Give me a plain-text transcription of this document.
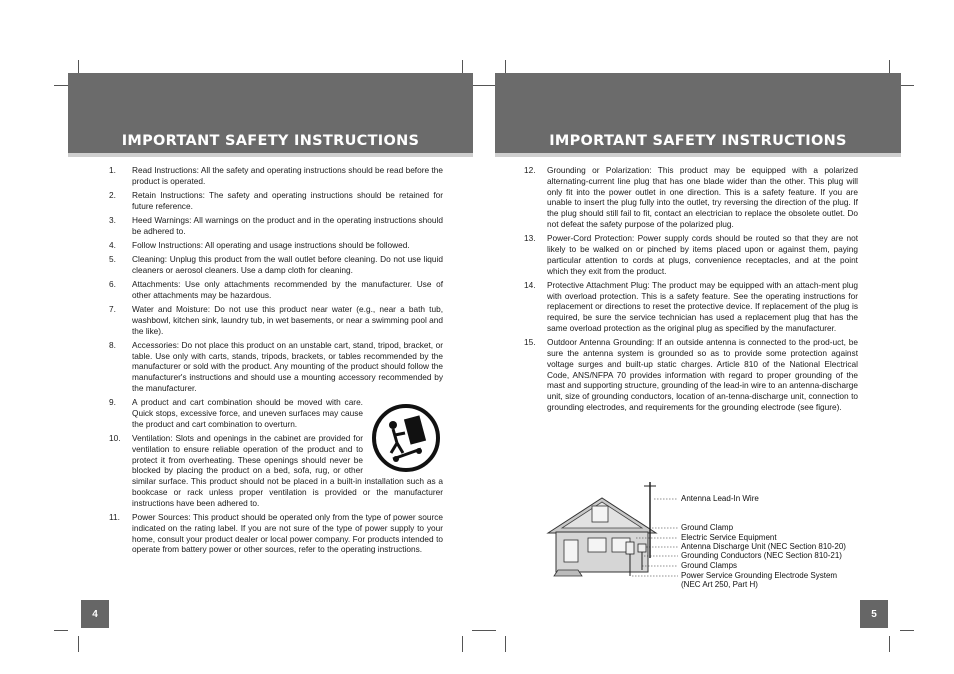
IMPORTANT SAFETY INSTRUCTIONS
1. Read Instructions: All the safety and operating instructions should be read before the product is operated.
2. Retain Instructions: The safety and operating instructions should be retained for future reference.
3. Heed Warnings: All warnings on the product and in the operating instructions should be adhered to.
4. Follow Instructions: All operating and usage instructions should be followed.
5. Cleaning: Unplug this product from the wall outlet before cleaning. Do not use liquid cleaners or aerosol cleaners. Use a damp cloth for cleaning.
6. Attachments: Use only attachments recommended by the manufacturer. Use of other attachments may be hazardous.
7. Water and Moisture: Do not use this product near water (e.g., near a bath tub, washbowl, kitchen sink, laundry tub, in wet basements, or near a swimming pool and the like).
8. Accessories: Do not place this product on an unstable cart, stand, tripod, bracket, or table. Use only with carts, stands, tripods, brackets, or tables recommended by the manufacturer or sold with the product. Any mounting of the product should follow the manufacturer's instructions and should use a mounting accessory recommended by the manufacturer.
9. A product and cart combination should be moved with care. Quick stops, excessive force, and uneven surfaces may cause the product and cart combination to overturn.
10. Ventilation: Slots and openings in the cabinet are provided for ventilation to ensure reliable operation of the product and to protect it from overheating. These openings should never be blocked by placing the product on a bed, sofa, rug, or other similar surface. This product should not be placed in a built-in installation such as a bookcase or rack unless proper ventilation is provided or the manufacturer instructions have been adhered to.
11. Power Sources: This product should be operated only from the type of power source indicated on the rating label. If you are not sure of the type of power supply to your home, consult your product dealer or local power company. For products intended to operate from battery power or other sources, refer to the operating instructions.
4
IMPORTANT SAFETY INSTRUCTIONS
12. Grounding or Polarization: This product may be equipped with a polarized alternating-current line plug that has one blade wider than the other. This plug will only fit into the power outlet in one direction. This is a safety feature. If you are unable to insert the plug fully into the outlet, try reversing the direction of the plug. If the plug should still fail to fit, contact an electrician to replace the obsolete outlet. Do not defeat the safety purpose of the polarized plug.
13. Power-Cord Protection: Power supply cords should be routed so that they are not likely to be walked on or pinched by items placed upon or against them, paying particular attention to cords at plugs, convenience receptacles, and at the point which they exit from the product.
14. Protective Attachment Plug: The product may be equipped with an attach-ment plug with overload protection. This is a safety feature. See the operating instructions for replacement or directions to reset the protective device. If replacement of the plug is required, be sure the service technician has used a replacement plug that has the same overload protection as the original plug as specified by the manufacturer.
15. Outdoor Antenna Grounding: If an outside antenna is connected to the prod-uct, be sure the antenna system is grounded so as to provide some protection against voltage surges and built-up static charges. Article 810 of the National Electrical Code, ANS/NFPA 70 provides information with regard to proper grounding of the mast and supporting structure, grounding of the lead-in wire to an antenna-discharge unit, size of grounding conductors, location of an-tenna-discharge unit, connection to grounding electrodes, and requirements for the grounding electrode (see figure).
Antenna Lead-In Wire
Ground Clamp
Electric Service Equipment
Antenna Discharge Unit (NEC Section 810-20)
Grounding Conductors (NEC Section 810-21)
Ground Clamps
Power Service Grounding Electrode System
(NEC Art 250, Part H)
5
